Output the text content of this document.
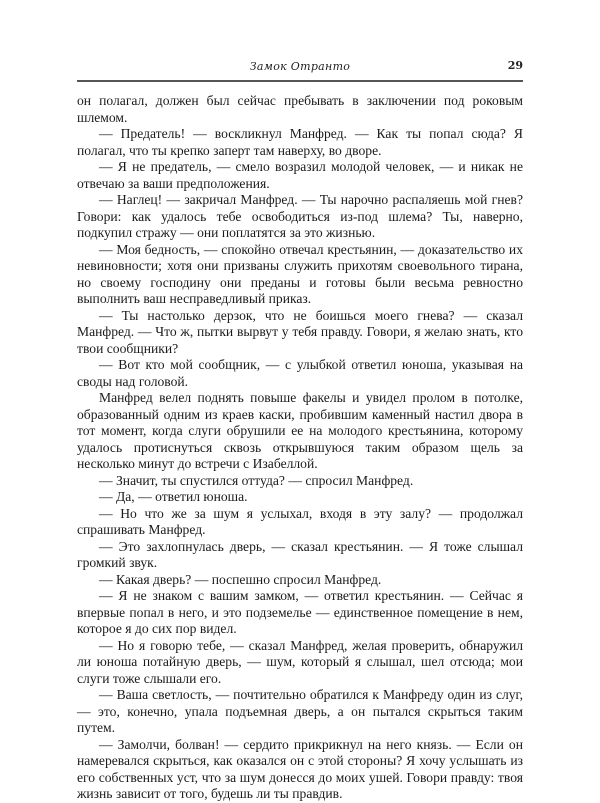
Замок Отранто	29

он полагал, должен был сейчас пребывать в заключении под роковым шлемом.

— Предатель! — воскликнул Манфред. — Как ты попал сюда? Я полагал, что ты крепко заперт там наверху, во дворе.

— Я не предатель, — смело возразил молодой человек, — и никак не отвечаю за ваши предположения.

— Наглец! — закричал Манфред. — Ты нарочно распаляешь мой гнев? Говори: как удалось тебе освободиться из-под шлема? Ты, наверно, подкупил стражу — они поплатятся за это жизнью.

— Моя бедность, — спокойно отвечал крестьянин, — доказательство их невиновности; хотя они призваны служить прихотям своевольного тирана, но своему господину они преданы и готовы были весьма ревностно выполнить ваш несправедливый приказ.

— Ты настолько дерзок, что не боишься моего гнева? — сказал Манфред. — Что ж, пытки вырвут у тебя правду. Говори, я желаю знать, кто твои сообщники?

— Вот кто мой сообщник, — с улыбкой ответил юноша, указывая на своды над головой.

Манфред велел поднять повыше факелы и увидел пролом в потолке, образованный одним из краев каски, пробившим каменный настил двора в тот момент, когда слуги обрушили ее на молодого крестьянина, которому удалось протиснуться сквозь открывшуюся таким образом щель за несколько минут до встречи с Изабеллой.

— Значит, ты спустился оттуда? — спросил Манфред.

— Да, — ответил юноша.

— Но что же за шум я услыхал, входя в эту залу? — продолжал спрашивать Манфред.

— Это захлопнулась дверь, — сказал крестьянин. — Я тоже слышал громкий звук.

— Какая дверь? — поспешно спросил Манфред.

— Я не знаком с вашим замком, — ответил крестьянин. — Сейчас я впервые попал в него, и это подземелье — единственное помещение в нем, которое я до сих пор видел.

— Но я говорю тебе, — сказал Манфред, желая проверить, обнаружил ли юноша потайную дверь, — шум, который я слышал, шел отсюда; мои слуги тоже слышали его.

— Ваша светлость, — почтительно обратился к Манфреду один из слуг, — это, конечно, упала подъемная дверь, а он пытался скрыться таким путем.

— Замолчи, болван! — сердито прикрикнул на него князь. — Если он намеревался скрыться, как оказался он с этой стороны? Я хочу услышать из его собственных уст, что за шум донесся до моих ушей. Говори правду: твоя жизнь зависит от того, будешь ли ты правдив.
